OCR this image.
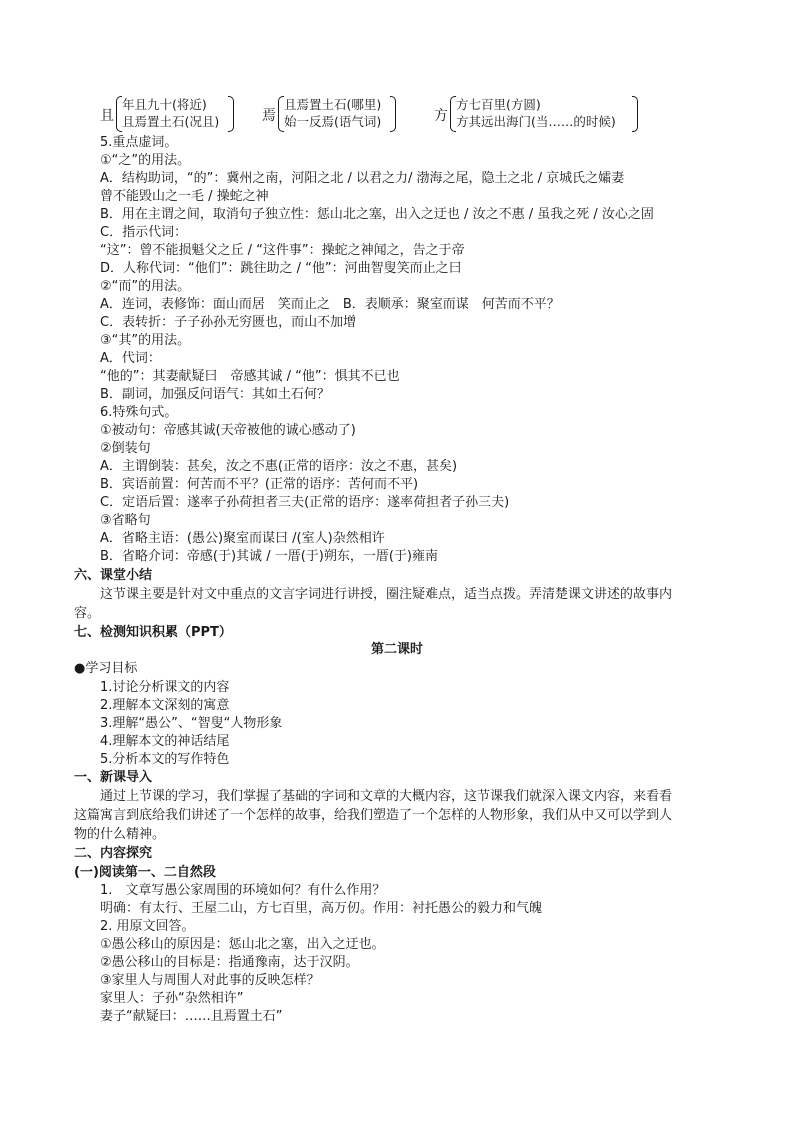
且
年且九十(将近)
且焉置土石(况且)	焉
且焉置土石(哪里)
始一反焉(语气词)	方
方七百里(方圆)
方其远出海门(当……的时候)
5.重点虚词。
①“之”的用法。
A．结构助词，“的”：冀州之南，河阳之北 / 以君之力/ 渤海之尾，隐土之北 / 京城氏之孀妻
曾不能毁山之一毛 / 操蛇之神
B．用在主谓之间，取消句子独立性：惩山北之塞，出入之迂也 / 汝之不惠 / 虽我之死 / 汝心之固
C．指示代词：
“这”：曾不能损魁父之丘 / “这件事”：操蛇之神闻之，告之于帝
D．人称代词：“他们”：跳往助之 / “他”：河曲智叟笑而止之曰
②“而”的用法。
A．连词，表修饰：面山而居　笑而止之　B．表顺承：聚室而谋　何苦而不平？
C．表转折：子子孙孙无穷匮也，而山不加增
③“其”的用法。
A．代词：
“他的”：其妻献疑曰　帝感其诚 / “他”：惧其不已也
B．副词，加强反问语气：其如土石何？
6.特殊句式。
①被动句：帝感其诚(天帝被他的诚心感动了)
②倒装句
A．主谓倒装：甚矣，汝之不惠(正常的语序：汝之不惠，甚矣)
B．宾语前置：何苦而不平？(正常的语序：苦何而不平)
C．定语后置：遂率子孙荷担者三夫(正常的语序：遂率荷担者子孙三夫)
③省略句
A．省略主语：(愚公)聚室而谋曰 /(室人)杂然相许
B．省略介词：帝感(于)其诚 / 一厝(于)朔东，一厝(于)雍南
六、课堂小结
这节课主要是针对文中重点的文言字词进行讲授，圈注疑难点，适当点拨。弄清楚课文讲述的故事内
容。
七、检测知识积累（PPT）
第二课时
●学习目标
1.讨论分析课文的内容
2.理解本文深刻的寓意
3.理解“愚公”、“智叟“人物形象
4.理解本文的神话结尾
5.分析本文的写作特色
一、新课导入
通过上节课的学习，我们掌握了基础的字词和文章的大概内容，这节课我们就深入课文内容，来看看
这篇寓言到底给我们讲述了一个怎样的故事，给我们塑造了一个怎样的人物形象，我们从中又可以学到人
物的什么精神。
二、内容探究
(一)阅读第一、二自然段
1.　文章写愚公家周围的环境如何？有什么作用？
明确：有太行、王屋二山，方七百里，高万仞。作用：衬托愚公的毅力和气魄
2. 用原文回答。
①愚公移山的原因是：惩山北之塞，出入之迂也。
②愚公移山的目标是：指通豫南，达于汉阴。
③家里人与周围人对此事的反映怎样？
家里人：子孙“杂然相许”
妻子“献疑曰：……且焉置土石”
